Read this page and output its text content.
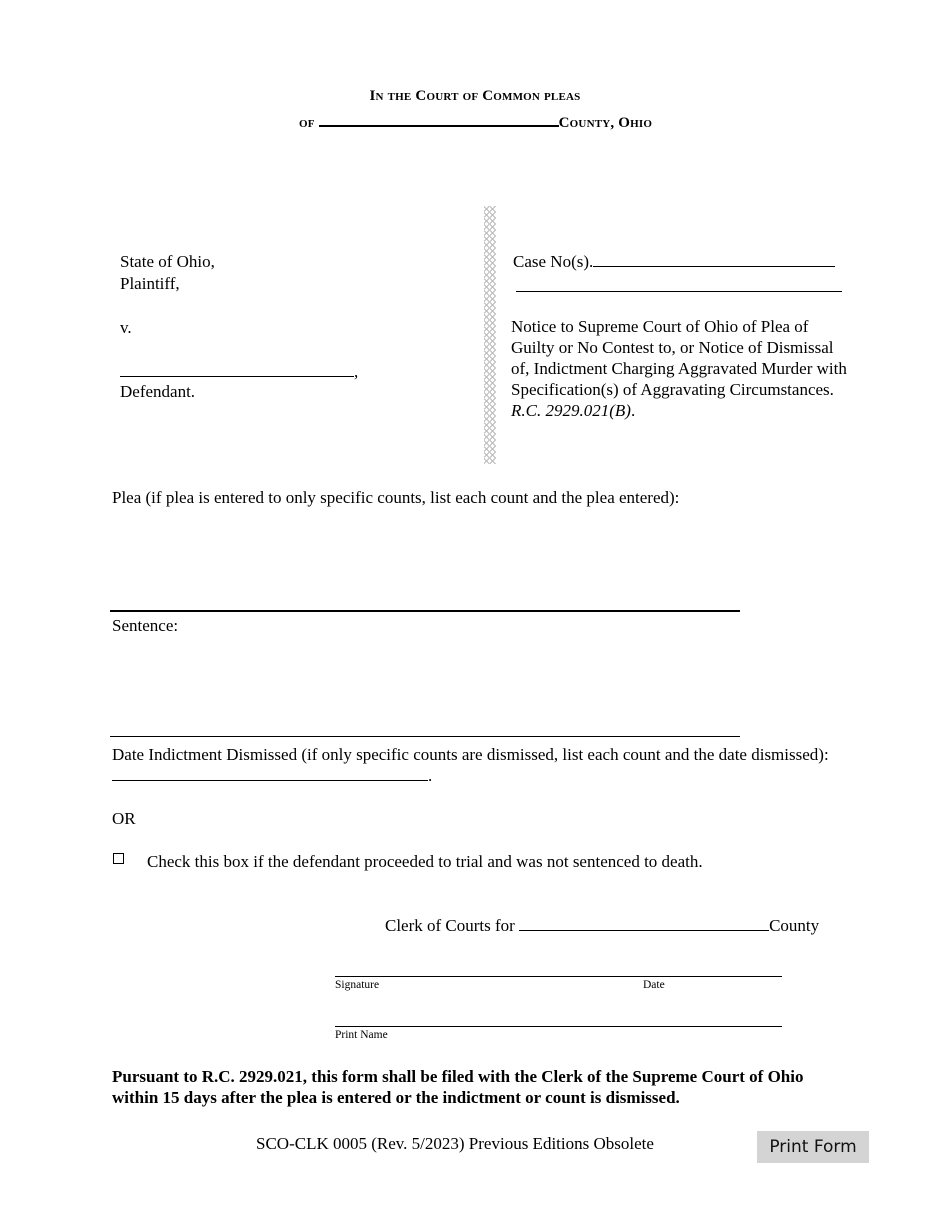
In the Court of Common pleas
of	County, Ohio
State of Ohio,
Plaintiff,
v.
,
Defendant.
Case No(s).
Notice to Supreme Court of Ohio of Plea of Guilty or No Contest to, or Notice of Dismissal of, Indictment Charging Aggravated Murder with Specification(s) of Aggravating Circumstances. R.C. 2929.021(B).
Plea (if plea is entered to only specific counts, list each count and the plea entered):
Sentence:
Date Indictment Dismissed (if only specific counts are dismissed, list each count and the date dismissed):.
OR
Check this box if the defendant proceeded to trial and was not sentenced to death.
Clerk of Courts for	County
Signature	Date
Print Name
Pursuant to R.C. 2929.021, this form shall be filed with the Clerk of the Supreme Court of Ohio within 15 days after the plea is entered or the indictment or count is dismissed.
SCO-CLK 0005 (Rev. 5/2023) Previous Editions Obsolete	Print Form
